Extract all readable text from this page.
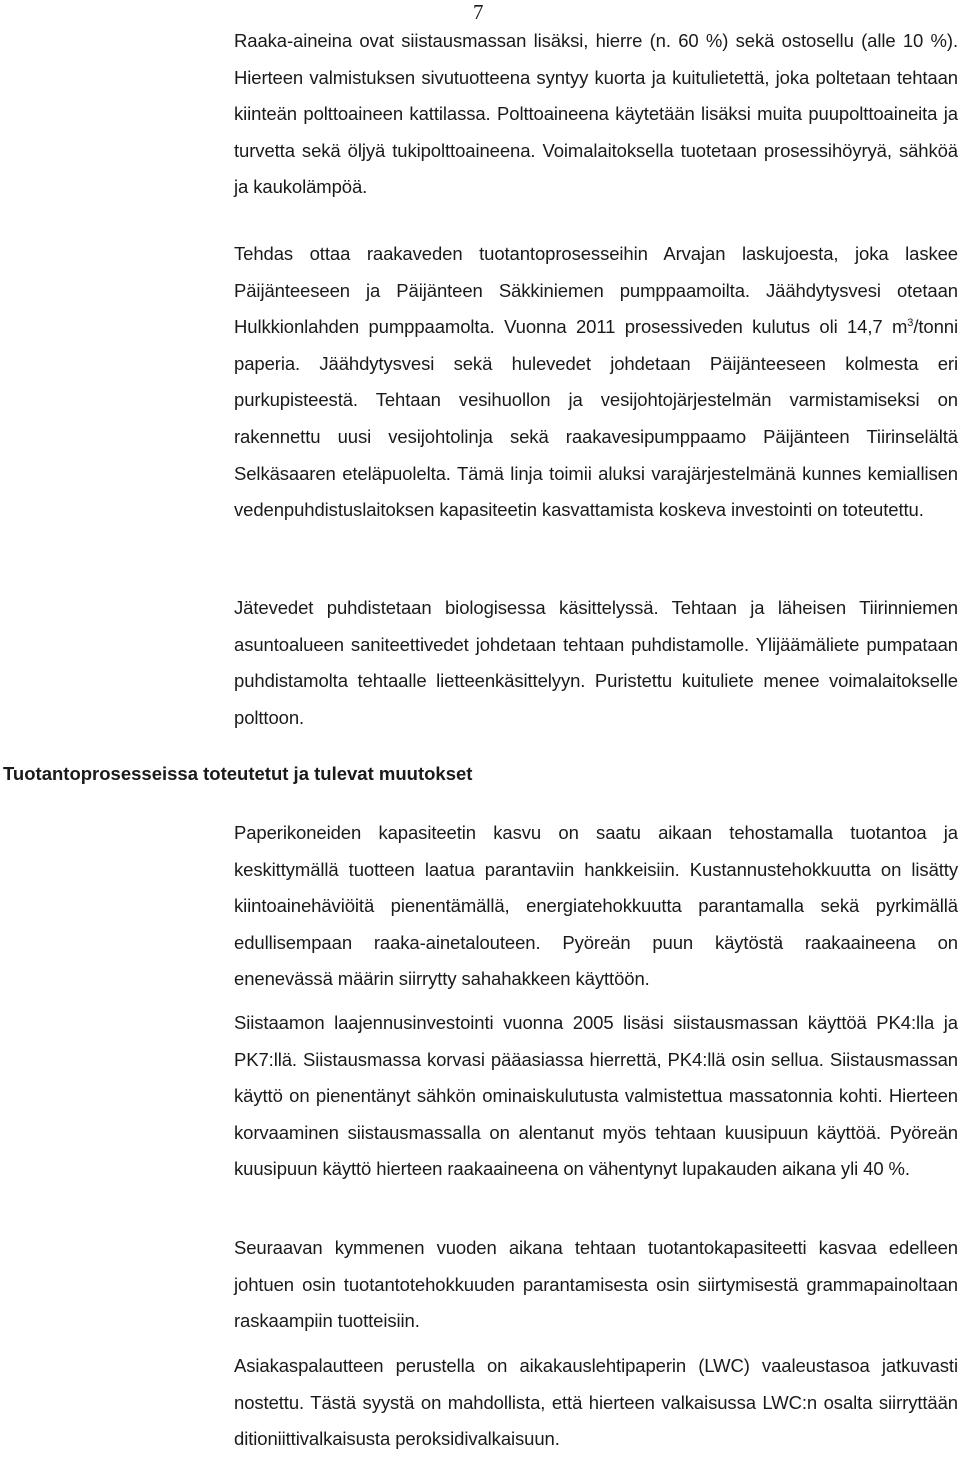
7

Raaka-aineina ovat siistausmassan lisäksi, hierre (n. 60 %) sekä ostosellu (alle 10 %). Hierteen valmistuksen sivutuotteena syntyy kuorta ja kuitulietettä, joka poltetaan tehtaan kiinteän polttoaineen kattilassa. Polttoaineena käytetään lisäksi muita puupolttoaineita ja turvetta sekä öljyä tukipolttoaineena. Voimalaitoksella tuotetaan prosessihöyryä, sähköä ja kaukolämpöä.

Tehdas ottaa raakaveden tuotantoprosesseihin Arvajan laskujoesta, joka laskee Päijänteeseen ja Päijänteen Säkkiniemen pumppaamoilta. Jäähdytysvesi otetaan Hulkkionlahden pumppaamolta. Vuonna 2011 prosessiveden kulutus oli 14,7 $m^3$/tonni paperia. Jäähdytysvesi sekä hulevedet johdetaan Päijänteeseen kolmesta eri purkupisteestä. Tehtaan vesihuollon ja vesijohtojärjestelmän varmistamiseksi on rakennettu uusi vesijohtolinja sekä raakavesipumppaamo Päijänteen Tiirinselältä Selkäsaaren eteläpuolelta. Tämä linja toimii aluksi varajärjestelmänä kunnes kemiallisen vedenpuhdistuslaitoksen kapasiteetin kasvattamista koskeva investointi on toteutettu.

Jätevedet puhdistetaan biologisessa käsittelyssä. Tehtaan ja läheisen Tiirinniemen asuntoalueen saniteettivedet johdetaan tehtaan puhdistamolle. Ylijäämäliete pumpataan puhdistamolta tehtaalle lietteenkäsittelyyn. Puristettu kuituliete menee voimalaitokselle polttoon.

Tuotantoprosesseissa toteutetut ja tulevat muutokset

Paperikoneiden kapasiteetin kasvu on saatu aikaan tehostamalla tuotantoa ja keskittymällä tuotteen laatua parantaviin hankkeisiin. Kustannustehokkuutta on lisätty kiintoainehäviöitä pienentämällä, energiatehokkuutta parantamalla sekä pyrkimällä edullisempaan raaka-ainetalouteen. Pyöreän puun käytöstä raakaaineena on enenevässä määrin siirrytty sahahakkeen käyttöön.

Siistaamon laajennusinvestointi vuonna 2005 lisäsi siistausmassan käyttöä PK4:lla ja PK7:llä. Siistausmassa korvasi pääasiassa hierrettä, PK4:llä osin sellua. Siistausmassan käyttö on pienentänyt sähkön ominaiskulutusta valmistettua massatonnia kohti. Hierteen korvaaminen siistausmassalla on alentanut myös tehtaan kuusipuun käyttöä. Pyöreän kuusipuun käyttö hierteen raakaaineena on vähentynyt lupakauden aikana yli 40 %.

Seuraavan kymmenen vuoden aikana tehtaan tuotantokapasiteetti kasvaa edelleen johtuen osin tuotantotehokkuuden parantamisesta osin siirtymisestä grammapainoltaan raskaampiin tuotteisiin.

Asiakaspalautteen perustella on aikakauslehtipaperin (LWC) vaaleustasoa jatkuvasti nostettu. Tästä syystä on mahdollista, että hierteen valkaisussa LWC:n osalta siirryttään ditioniittivalkaisusta peroksidivalkaisuun.
